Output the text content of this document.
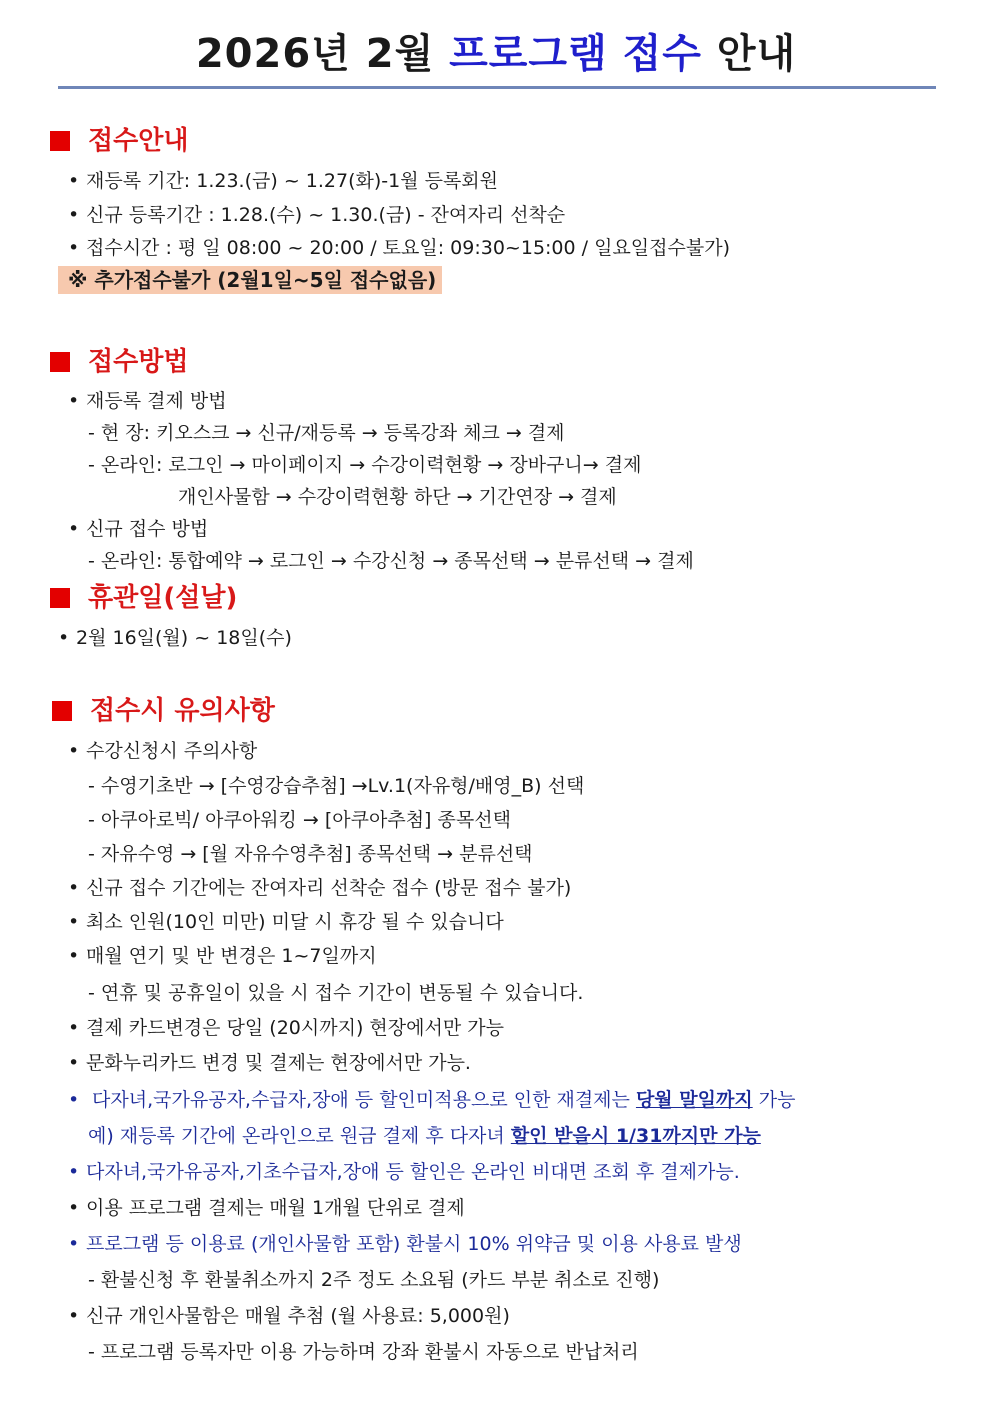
2026년 2월 프로그램 접수 안내
접수안내
• 재등록 기간: 1.23.(금) ~ 1.27(화)-1월 등록회원
• 신규 등록기간 : 1.28.(수) ~ 1.30.(금) - 잔여자리 선착순
• 접수시간 : 평 일 08:00 ~ 20:00 / 토요일: 09:30~15:00 / 일요일접수불가)
※ 추가접수불가 (2월1일~5일 접수없음)
접수방법
• 재등록 결제 방법
- 현 장: 키오스크 → 신규/재등록 → 등록강좌 체크 → 결제
- 온라인: 로그인 → 마이페이지 → 수강이력현황 → 장바구니→ 결제
개인사물함 → 수강이력현황 하단 → 기간연장 → 결제
• 신규 접수 방법
- 온라인: 통합예약 → 로그인 → 수강신청 → 종목선택 → 분류선택 → 결제
휴관일(설날)
• 2월 16일(월) ~ 18일(수)
접수시 유의사항
• 수강신청시 주의사항
- 수영기초반 → [수영강습추첨] →Lv.1(자유형/배영_B) 선택
- 아쿠아로빅/ 아쿠아워킹 → [아쿠아추첨] 종목선택
- 자유수영 → [월 자유수영추첨] 종목선택 → 분류선택
• 신규 접수 기간에는 잔여자리 선착순 접수 (방문 접수 불가)
• 최소 인원(10인 미만) 미달 시 휴강 될 수 있습니다
• 매월 연기 및 반 변경은 1~7일까지
- 연휴 및 공휴일이 있을 시 접수 기간이 변동될 수 있습니다.
• 결제 카드변경은 당일 (20시까지) 현장에서만 가능
• 문화누리카드 변경 및 결제는 현장에서만 가능.
• 다자녀,국가유공자,수급자,장애 등 할인미적용으로 인한 재결제는 당월 말일까지 가능
예) 재등록 기간에 온라인으로 원금 결제 후 다자녀 할인 받을시 1/31까지만 가능
• 다자녀,국가유공자,기초수급자,장애 등 할인은 온라인 비대면 조회 후 결제가능.
• 이용 프로그램 결제는 매월 1개월 단위로 결제
• 프로그램 등 이용료 (개인사물함 포함) 환불시 10% 위약금 및 이용 사용료 발생
- 환불신청 후 환불취소까지 2주 정도 소요됨 (카드 부분 취소로 진행)
• 신규 개인사물함은 매월 추첨 (월 사용료: 5,000원)
- 프로그램 등록자만 이용 가능하며 강좌 환불시 자동으로 반납처리
